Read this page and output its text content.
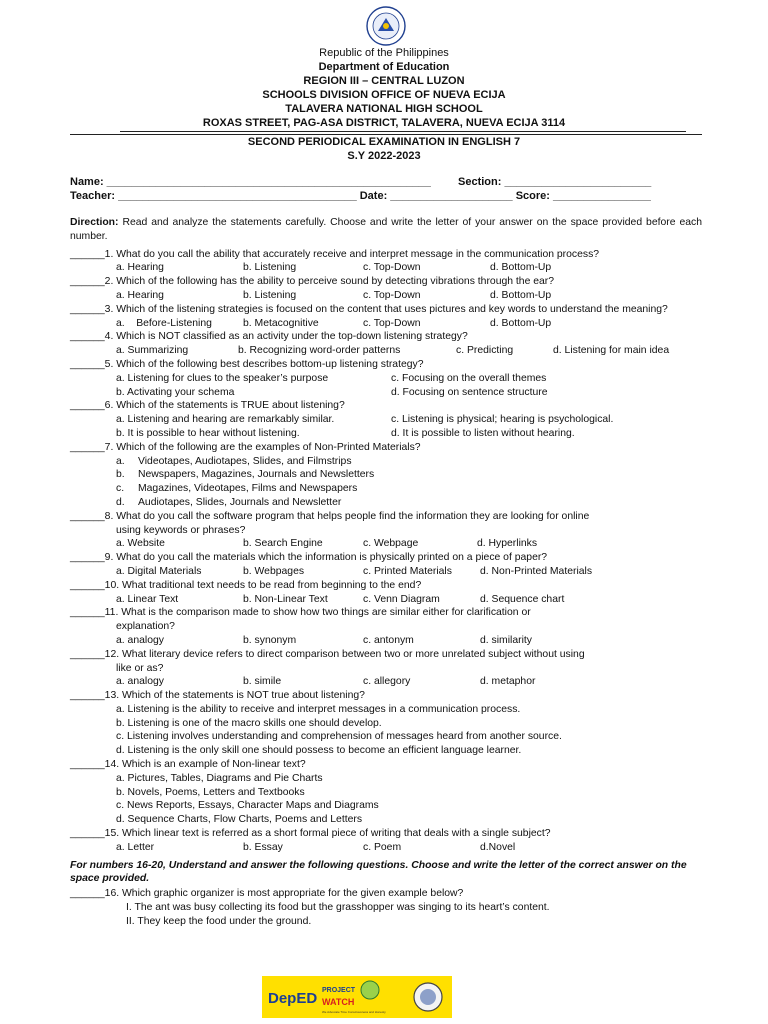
Republic of the Philippines
Department of Education
REGION III – CENTRAL LUZON
SCHOOLS DIVISION OFFICE OF NUEVA ECIJA
TALAVERA NATIONAL HIGH SCHOOL
ROXAS STREET, PAG-ASA DISTRICT, TALAVERA, NUEVA ECIJA 3114
SECOND PERIODICAL EXAMINATION IN ENGLISH 7
S.Y 2022-2023
Name: _____________________________________________________ Section: ________________________
Teacher: _______________________________________ Date: ____________________ Score: ________________

Direction: Read and analyze the statements carefully. Choose and write the letter of your answer on the space provided before each number.

______1. What do you call the ability that accurately receive and interpret message in the communication process?

a. Hearing	b. Listening	c. Top-Down	d. Bottom-Up

______2. Which of the following has the ability to perceive sound by detecting vibrations through the ear?

a. Hearing	b. Listening	c. Top-Down	d. Bottom-Up

______3. Which of the listening strategies is focused on the content that uses pictures and key words to understand the meaning?

a.    Before-Listening	b. Metacognitive	c. Top-Down	d. Bottom-Up

______4. Which is NOT classified as an activity under the top-down listening strategy?

a. Summarizing	b. Recognizing word-order patterns	c. Predicting	d. Listening for main idea

______5. Which of the following best describes bottom-up listening strategy?

a. Listening for clues to the speaker’s purpose	c. Focusing on the overall themes
b. Activating your schema	d. Focusing on sentence structure

______6. Which of the statements is TRUE about listening?

a. Listening and hearing are remarkably similar.	c. Listening is physical; hearing is psychological.
b. It is possible to hear without listening.	d. It is possible to listen without hearing.

______7. Which of the following are the examples of Non-Printed Materials?

a. Videotapes, Audiotapes, Slides, and Filmstrips

b. Newspapers, Magazines, Journals and Newsletters

c. Magazines, Videotapes, Films and Newspapers

d. Audiotapes, Slides, Journals and Newsletter

______8. What do you call the software program that helps people find the information they are looking for online

using keywords or phrases?

a. Website	b. Search Engine	c. Webpage	d. Hyperlinks

______9. What do you call the materials which the information is physically printed on a piece of paper?

a. Digital Materials	b. Webpages	c. Printed Materials	d. Non-Printed Materials

______10. What traditional text needs to be read from beginning to the end?

a. Linear Text	b. Non-Linear Text	c. Venn Diagram	d. Sequence chart

______11. What is the comparison made to show how two things are similar either for clarification or

explanation?

a. analogy	b. synonym	c. antonym	d. similarity

______12. What literary device refers to direct comparison between two or more unrelated subject without using

like or as?

a. analogy	b. simile	c. allegory	d. metaphor

______13. Which of the statements is NOT true about listening?

a. Listening is the ability to receive and interpret messages in a communication process.

b. Listening is one of the macro skills one should develop.

c. Listening involves understanding and comprehension of messages heard from another source.

d. Listening is the only skill one should possess to become an efficient language learner.

______14. Which is an example of Non-linear text?

a. Pictures, Tables, Diagrams and Pie Charts

b. Novels, Poems, Letters and Textbooks

c. News Reports, Essays, Character Maps and Diagrams

d. Sequence Charts, Flow Charts, Poems and Letters

______15. Which linear text is referred as a short formal piece of writing that deals with a single subject?

a. Letter	b. Essay	c. Poem	d.Novel

For numbers 16-20, Understand and answer the following questions. Choose and write the letter of the correct answer on the space provided.

______16. Which graphic organizer is most appropriate for the given example below?

I. The ant was busy collecting its food but the grasshopper was singing to its heart’s content.

II. They keep the food under the ground.

DepED PROJECT
WATCH
We Advocate Time Consciousness and Honesty
